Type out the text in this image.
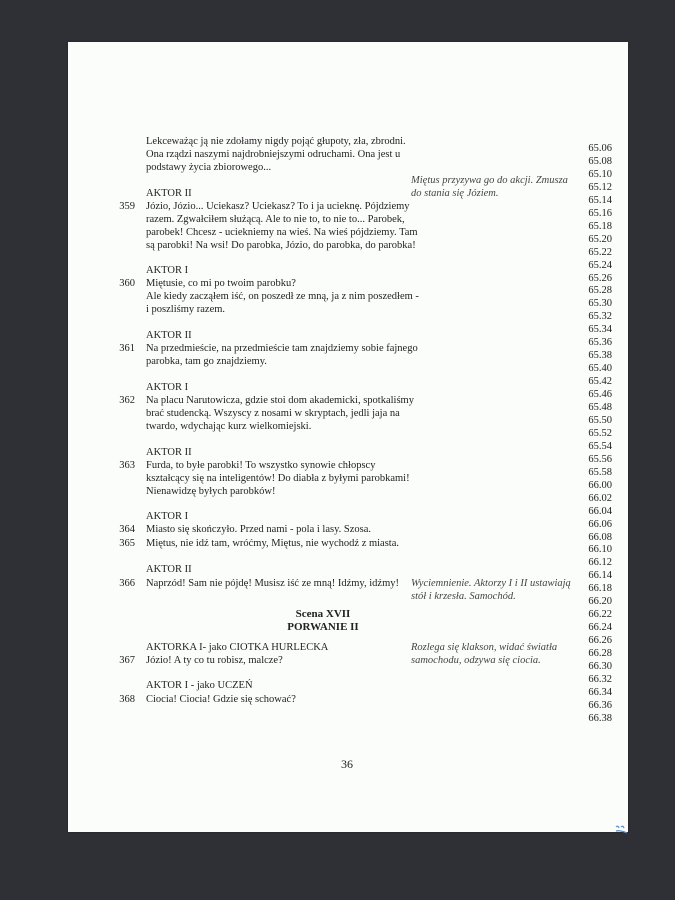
Scena XVII
PORWANIE II
36
Lekceważąc ją nie zdołamy nigdy pojąć głupoty, zła, zbrodni.
Ona rządzi naszymi najdrobniejszymi odruchami. Ona jest u
podstawy życia zbiorowego...
AKTOR II
Józio, Józio... Uciekasz? Uciekasz? To i ja ucieknę. Pójdziemy
razem. Zgwałciłem służącą. Ale to nie to, to nie to... Parobek,
parobek! Chcesz - uciekniemy na wieś. Na wieś pójdziemy. Tam
są parobki! Na wsi! Do parobka, Józio, do parobka, do parobka!
AKTOR I
Miętusie, co mi po twoim parobku?
Ale kiedy zacząłem iść, on poszedł ze mną, ja z nim poszedłem -
i poszliśmy razem.
AKTOR II
Na przedmieście, na przedmieście tam znajdziemy sobie fajnego
parobka, tam go znajdziemy.
AKTOR I
Na placu Narutowicza, gdzie stoi dom akademicki, spotkaliśmy
brać studencką. Wszyscy z nosami w skryptach, jedli jaja na
twardo, wdychając kurz wielkomiejski.
AKTOR II
Furda, to byłe parobki! To wszystko synowie chłopscy
kształcący się na inteligentów! Do diabła z byłymi parobkami!
Nienawidzę byłych parobków!
AKTOR I
Miasto się skończyło. Przed nami - pola i lasy. Szosa.
Miętus, nie idź tam, wróćmy, Miętus, nie wychodź z miasta.
AKTOR II
Naprzód! Sam nie pójdę! Musisz iść ze mną! Idźmy, idźmy!
AKTORKA I- jako CIOTKA HURLECKA
Józio! A ty co tu robisz, malcze?
AKTOR I - jako UCZEŃ
Ciocia! Ciocia! Gdzie się schować?
359
360
361
362
363
364
365
366
367
368
Miętus przyzywa go do akcji. Zmusza
do stania się Józiem.
Wyciemnienie. Aktorzy I i II ustawiają
stół i krzesła. Samochód.
Rozlega się klakson, widać światła
samochodu, odzywa się ciocia.
65.06
65.08
65.10
65.12
65.14
65.16
65.18
65.20
65.22
65.24
65.26
65.28
65.30
65.32
65.34
65.36
65.38
65.40
65.42
65.46
65.48
65.50
65.52
65.54
65.56
65.58
66.00
66.02
66.04
66.06
66.08
66.10
66.12
66.14
66.18
66.20
66.22
66.24
66.26
66.28
66.30
66.32
66.34
66.36
66.38
